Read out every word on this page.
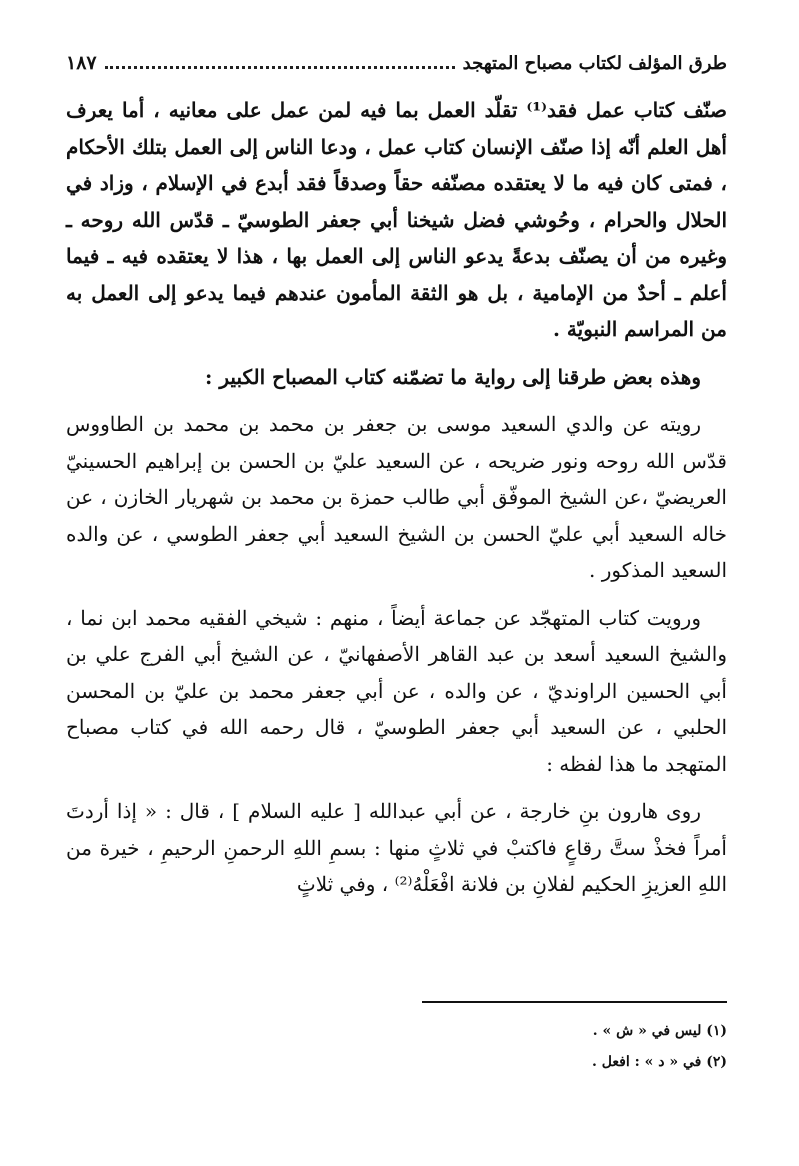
طرق المؤلف لكتاب مصباح المتهجد
١٨٧

صنّف كتاب عمل فقد⁽¹⁾ تقلّد العمل بما فيه لمن عمل على معانيه ، أما يعرف أهل العلم أنّه إذا صنّف الإنسان كتاب عمل ، ودعا الناس إلى العمل بتلك الأحكام ، فمتى كان فيه ما لا يعتقده مصنّفه حقاً وصدقاً فقد أبدع في الإسلام ، وزاد في الحلال والحرام ، وحُوشي فضل شيخنا أبي جعفر الطوسيّ ـ قدّس الله روحه ـ وغيره من أن يصنّف بدعةً يدعو الناس إلى العمل بها ، هذا لا يعتقده فيه ـ فيما أعلم ـ أحدٌ من الإمامية ، بل هو الثقة المأمون عندهم فيما يدعو إلى العمل به من المراسم النبويّة .

وهذه بعض طرقنا إلى رواية ما تضمّنه كتاب المصباح الكبير :

رويته عن والدي السعيد موسى بن جعفر بن محمد بن محمد بن الطاووس قدّس الله روحه ونور ضريحه ، عن السعيد عليّ بن الحسن بن إبراهيم الحسينيّ العريضيّ ،عن الشيخ الموفّق أبي طالب حمزة بن محمد بن شهريار الخازن ، عن خاله السعيد أبي عليّ الحسن بن الشيخ السعيد أبي جعفر الطوسي ، عن والده السعيد المذكور .

ورويت كتاب المتهجّد عن جماعة أيضاً ، منهم : شيخي الفقيه محمد ابن نما ، والشيخ السعيد أسعد بن عبد القاهر الأصفهانيّ ، عن الشيخ أبي الفرج علي بن أبي الحسين الراونديّ ، عن والده ، عن أبي جعفر محمد بن عليّ بن المحسن الحلبي ، عن السعيد أبي جعفر الطوسيّ ، قال رحمه الله في كتاب مصباح المتهجد ما هذا لفظه :

روى هارون بنِ خارجة ، عن أبي عبدالله [ عليه السلام ] ، قال : « إذا أردتَ أمراً فخذْ ستَّ رقاعٍ فاكتبْ في ثلاثٍ منها : بسمِ اللهِ الرحمنِ الرحيمِ ، خيرة من اللهِ العزيزِ الحكيم لفلانِ بن فلانة افْعَلْهُ⁽²⁾ ، وفي ثلاثٍ

(١) ليس في « ش » .
(٢) في « د » : افعل .
